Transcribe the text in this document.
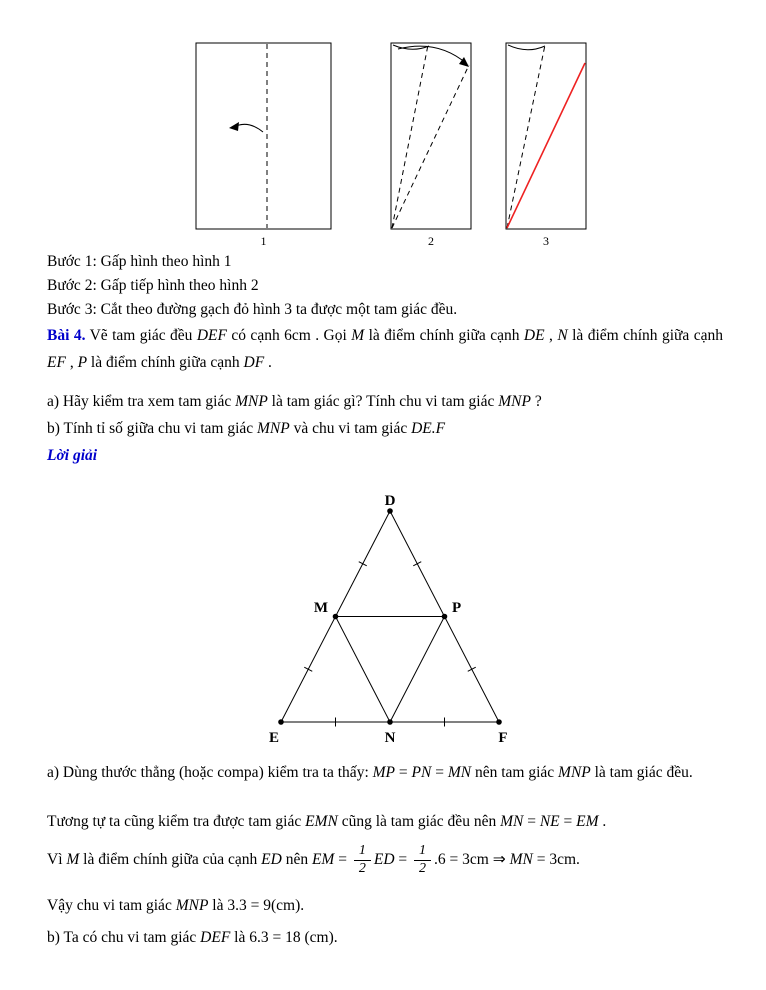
1	2	3
Bước 1: Gấp hình theo hình 1
Bước 2: Gấp tiếp hình theo hình 2
Bước 3: Cắt theo đường gạch đỏ hình 3 ta được một tam giác đều.
Bài 4. Vẽ tam giác đều DEF có cạnh 6cm . Gọi M là điểm chính giữa cạnh DE , N là điểm chính giữa cạnh EF , P là điểm chính giữa cạnh DF .
a) Hãy kiểm tra xem tam giác MNP là tam giác gì? Tính chu vi tam giác MNP ?
b) Tính tỉ số giữa chu vi tam giác MNP và chu vi tam giác DE.F
Lời giải
D
M	P
E	N	F
a) Dùng thước thẳng (hoặc compa) kiểm tra ta thấy: MP = PN = MN nên tam giác MNP là tam giác đều.
Tương tự ta cũng kiểm tra được tam giác EMN cũng là tam giác đều nên MN = NE = EM .
Vì M là điểm chính giữa của cạnh ED nên EM = $\frac{1}{2}$ ED = $\frac{1}{2} .6 = 3cm$ ⇒ MN = 3cm.
Vậy chu vi tam giác MNP là 3.3 = 9(cm).
b) Ta có chu vi tam giác DEF là 6.3 = 18 (cm).
